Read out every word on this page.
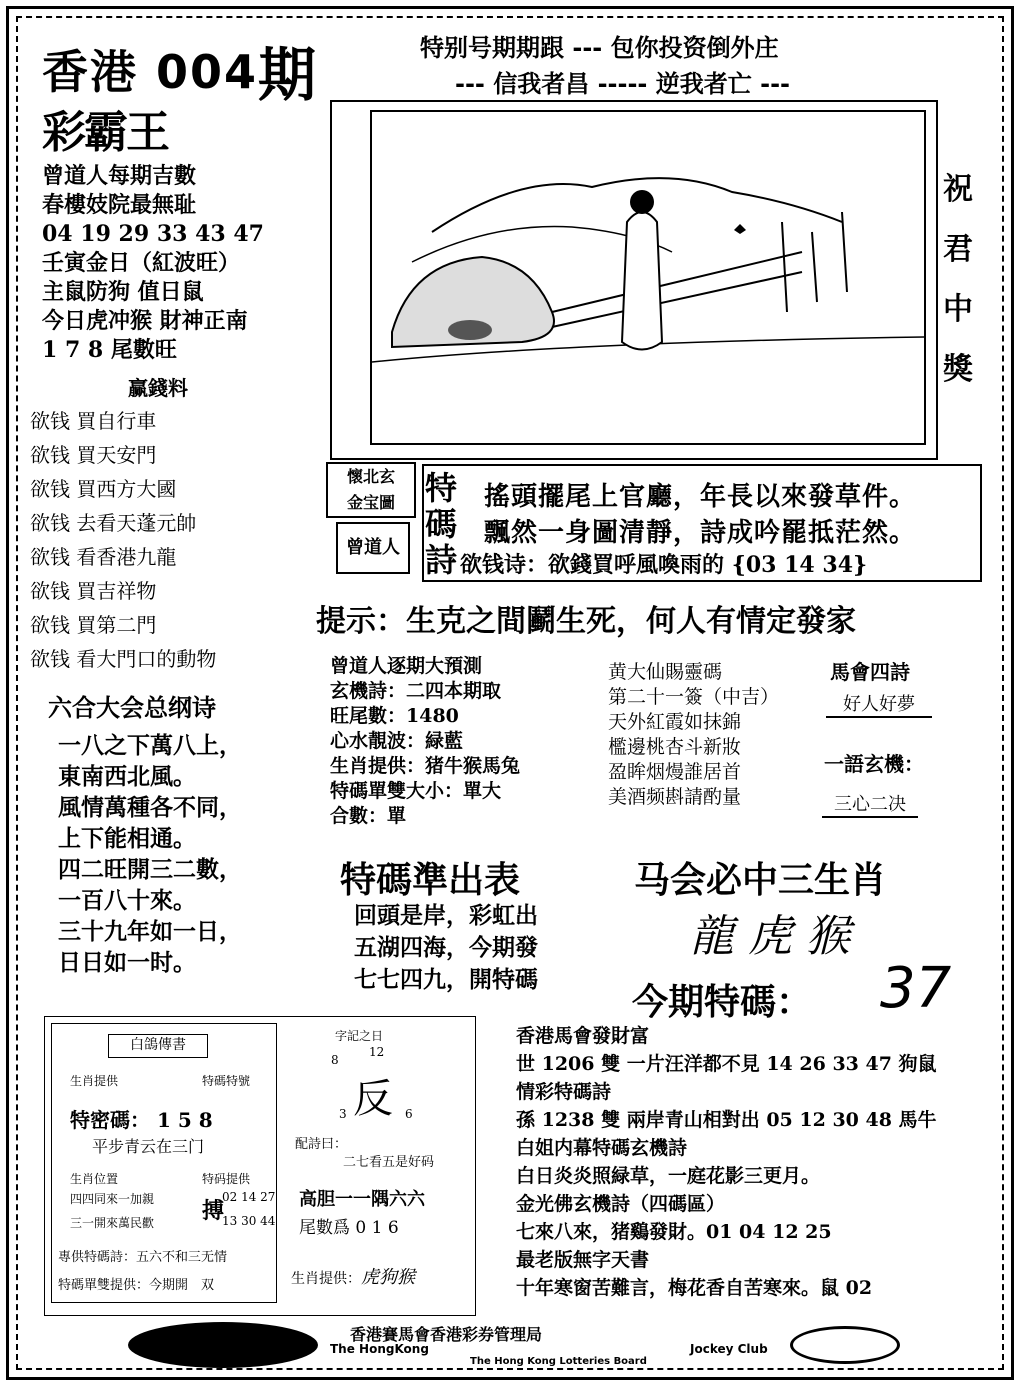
香港 004 期
彩霸王
特别号期期跟 --- 包你投资倒外庄
--- 信我者昌 ----- 逆我者亡 ---
曾道人每期吉數
春樓妓院最無耻
04 19 29 33 43 47
壬寅金日（紅波旺）
主鼠防狗 值日鼠
今日虎冲猴 財神正南
1 7 8 尾數旺
赢錢料
欲钱 買自行車
欲钱 買天安門
欲钱 買西方大國
欲钱 去看天蓬元帥
欲钱 看香港九龍
欲钱 買吉祥物
欲钱 買第二門
欲钱 看大門口的動物
六合大会总纲诗
一八之下萬八上，
東南西北風。
風情萬種各不同，
上下能相通。
四二旺開三二數，
一百八十來。
三十九年如一日，
日日如一时。
祝
君
中
獎
懷北玄
金宝圖
曾道人
特碼詩
搖頭擺尾上官廳，年長以來發草件。
飄然一身圖清靜，詩成吟罷抵茫然。
欲钱诗：欲錢買呼風喚雨的 {03 14 34}
提示：生克之間鬬生死，何人有情定發家
曾道人逐期大預測
玄機詩：二四本期取
旺尾數：1480
心水靚波：緑藍
生肖提供：猪牛猴馬兔
特碼單雙大小：單大
合數：單
黄大仙賜靈碼
第二十一簽（中吉）
天外紅霞如抹錦
檻邊桃杏斗新妝
盈眸烟熳誰居首
美酒频斟請酌量
馬會四詩
好人好夢
一語玄機：
三心二决
特碼準出表
回頭是岸，彩虹出
五湖四海，今期發
七七四九，開特碼
马会必中三生肖
龍 虎 猴
今期特碼： 37
白鴿傳書
生肖提供	特碼特號
特密碼： 1 5 8
平步青云在三门
生肖位置
四四同來一加親
三一開來萬民歡
特码提供
搏
02 14 27
13 30 44
專供特碼詩：五六不和三无情
特碼單雙提供：今期開　双
字記之日
12
8
反
3	6
配詩曰：
二七看五是好码
高胆一一隅六六
尾數爲 0 1 6
生肖提供：虎狗猴
香港馬會發財富
世 1206 雙 一片汪洋都不見 14 26 33 47 狗鼠
情彩特碼詩
孫 1238 雙 兩岸青山相對出 05 12 30 48 馬牛
白姐内幕特碼玄機詩
白日炎炎照緑草，一庭花影三更月。
金光佛玄機詩（四碼區）
七來八來，猪鷄發財。01 04 12 25
最老版無字天書
十年寒窗苦難言，梅花香自苦寒來。鼠 02
香港賽馬會香港彩券管理局
The HongKong	Jockey Club
The Hong Kong Lotteries Board
